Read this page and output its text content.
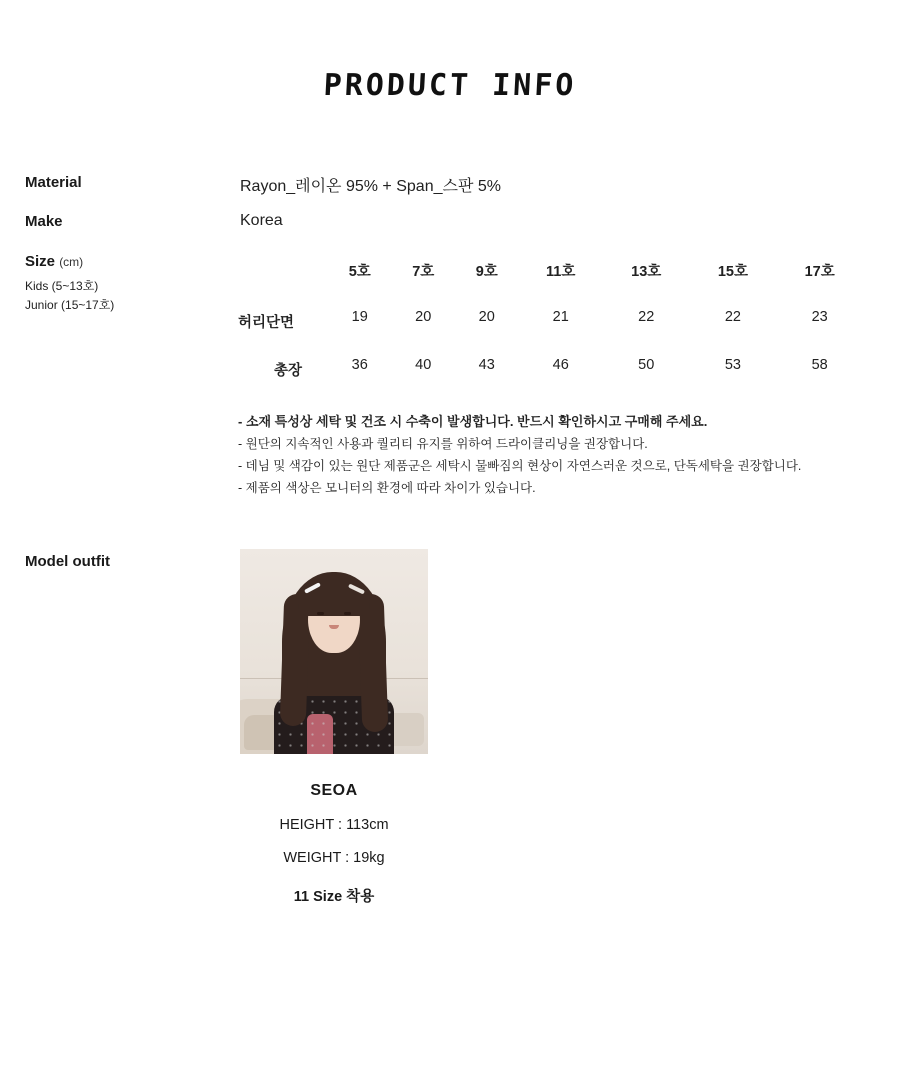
PRODUCT INFO
Material	Rayon_레이온 95% + Span_스판 5%
Make	Korea
Size (cm)
Kids (5~13호)
Junior (15~17호)
	5호	7호	9호	11호	13호	15호	17호
허리단면	19	20	20	21	22	22	23
총장	36	40	43	46	50	53	58
- 소재 특성상 세탁 및 건조 시 수축이 발생합니다. 반드시 확인하시고 구매해 주세요.
- 원단의 지속적인 사용과 퀄리티 유지를 위하여 드라이클리닝을 권장합니다.
- 데님 및 색감이 있는 원단 제품군은 세탁시 물빠짐의 현상이 자연스러운 것으로, 단독세탁을 권장합니다.
- 제품의 색상은 모니터의 환경에 따라 차이가 있습니다.
Model outfit
SEOA
HEIGHT : 113cm
WEIGHT : 19kg
11 Size 착용
